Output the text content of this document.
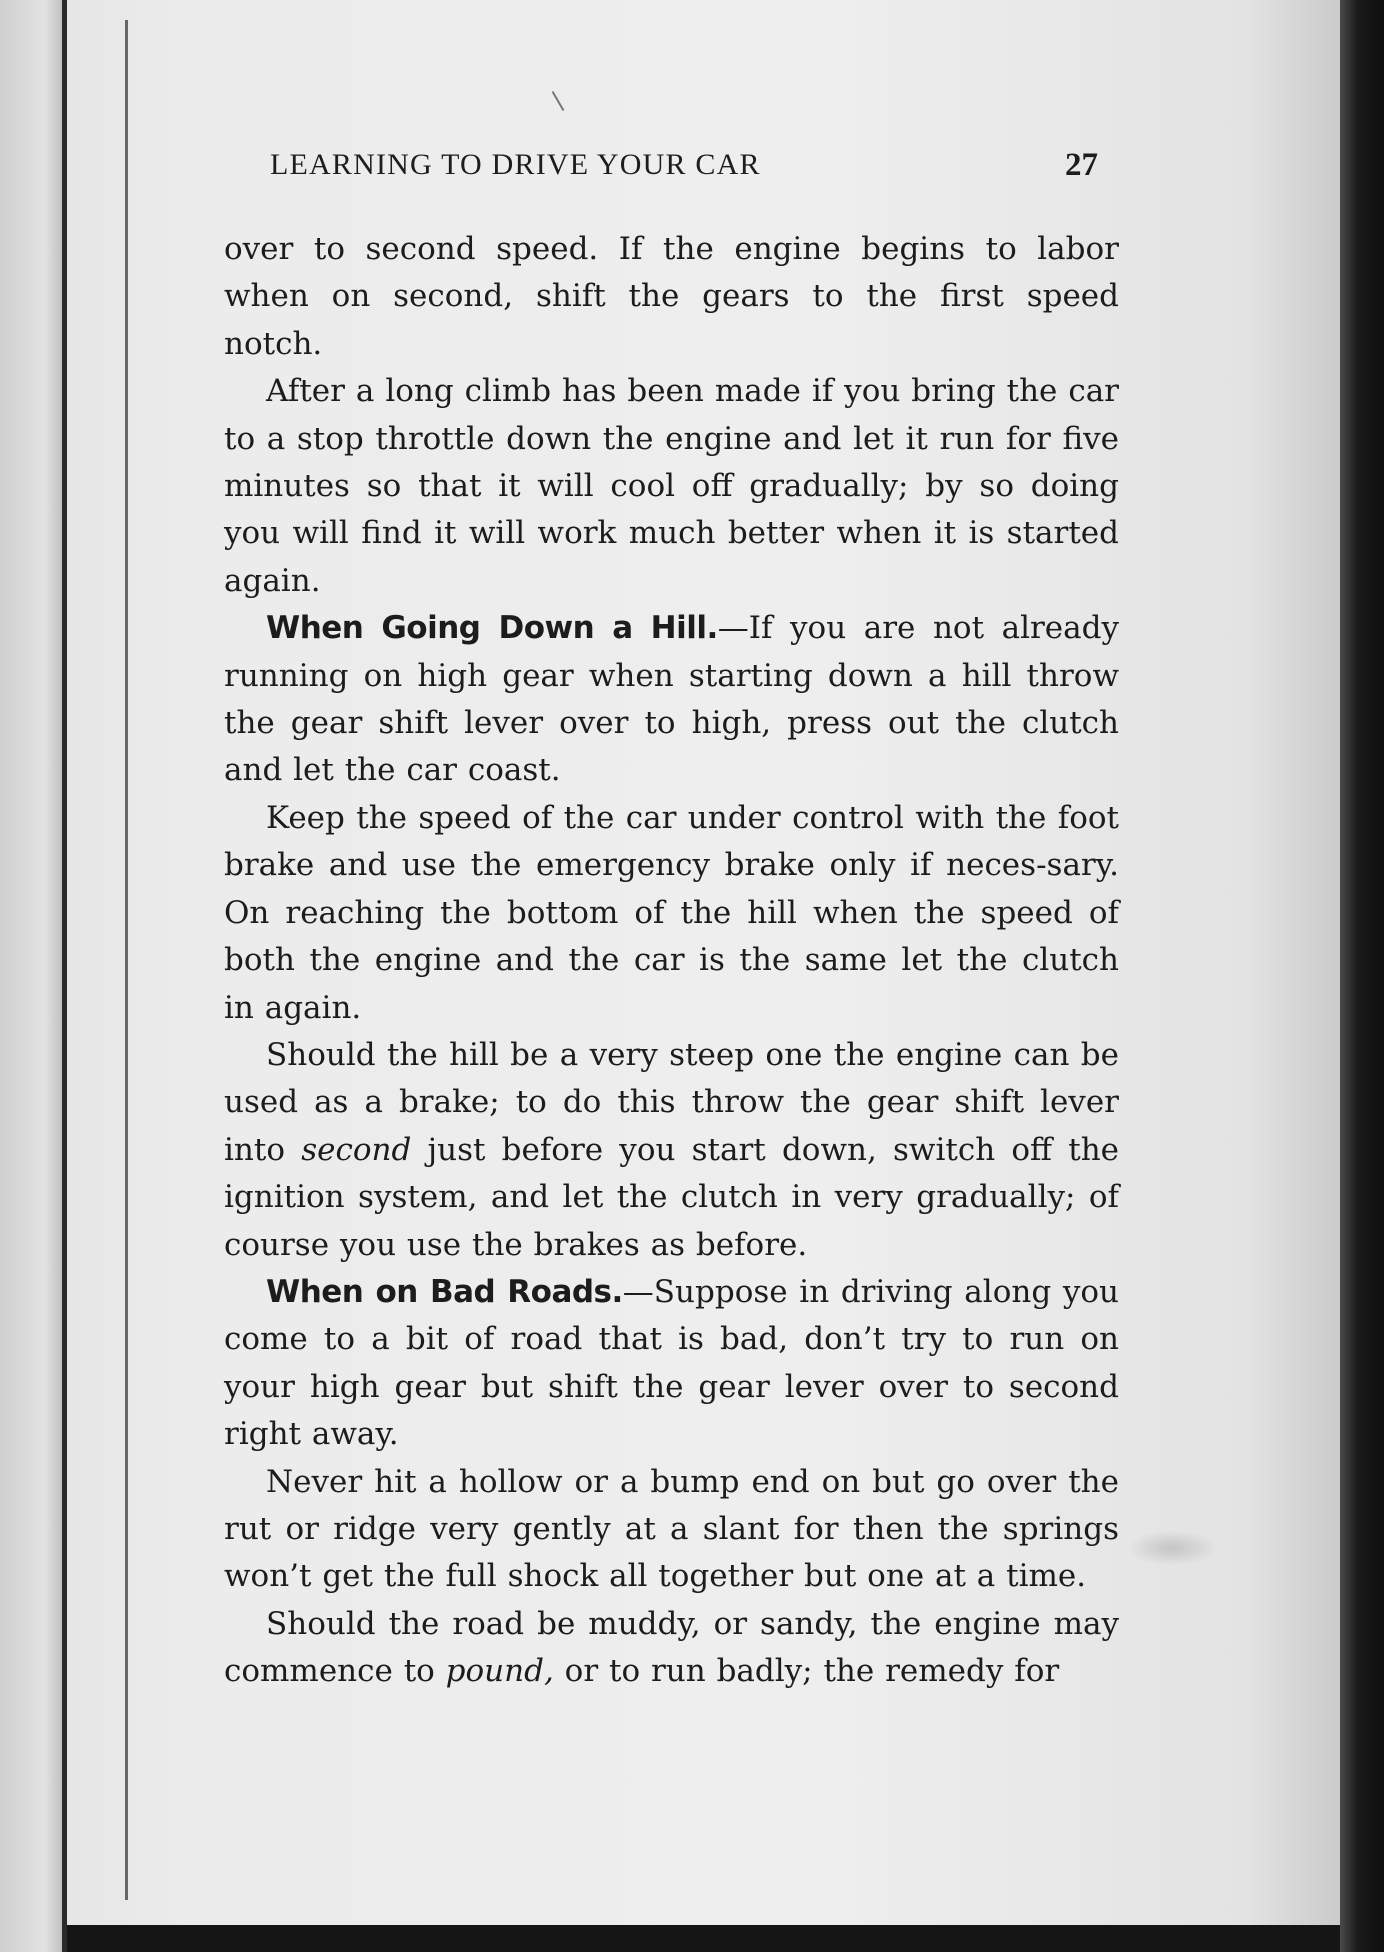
LEARNING TO DRIVE YOUR CAR	27

over to second speed. If the engine begins to labor when on second, shift the gears to the first speed notch.

After a long climb has been made if you bring the car to a stop throttle down the engine and let it run for five minutes so that it will cool off gradually; by so doing you will find it will work much better when it is started again.

When Going Down a Hill.—If you are not already running on high gear when starting down a hill throw the gear shift lever over to high, press out the clutch and let the car coast.

Keep the speed of the car under control with the foot brake and use the emergency brake only if neces-sary. On reaching the bottom of the hill when the speed of both the engine and the car is the same let the clutch in again.

Should the hill be a very steep one the engine can be used as a brake; to do this throw the gear shift lever into second just before you start down, switch off the ignition system, and let the clutch in very gradually; of course you use the brakes as before.

When on Bad Roads.—Suppose in driving along you come to a bit of road that is bad, don’t try to run on your high gear but shift the gear lever over to second right away.

Never hit a hollow or a bump end on but go over the rut or ridge very gently at a slant for then the springs won’t get the full shock all together but one at a time.

Should the road be muddy, or sandy, the engine may commence to pound, or to run badly; the remedy for
